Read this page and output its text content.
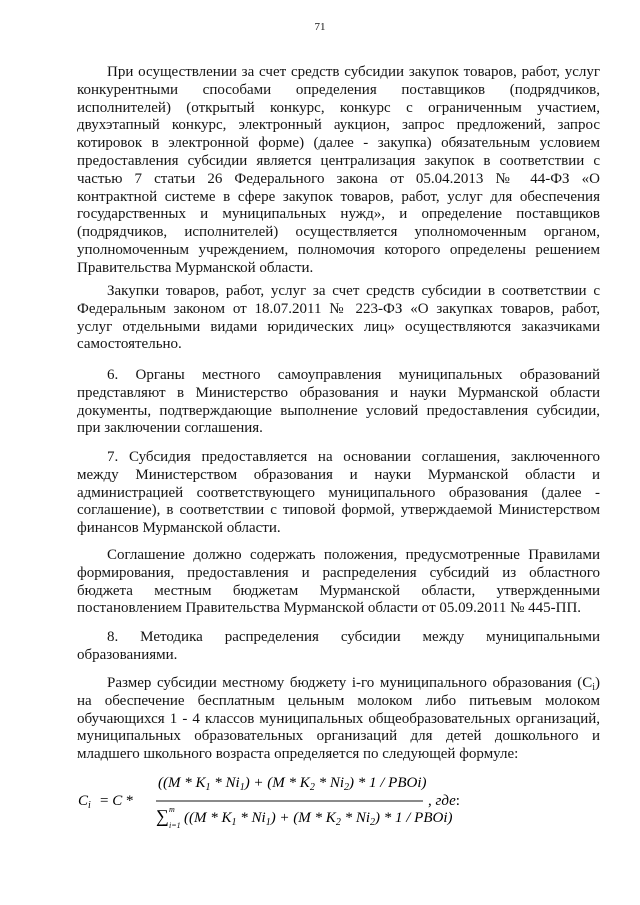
71
При осуществлении за счет средств субсидии закупок товаров, работ, услуг
конкурентными способами определения поставщиков (подрядчиков,
исполнителей) (открытый конкурс, конкурс с ограниченным участием,
двухэтапный конкурс, электронный аукцион, запрос предложений, запрос
котировок в электронной форме) (далее - закупка) обязательным условием
предоставления субсидии является централизация закупок в соответствии с
частью 7 статьи 26 Федерального закона от 05.04.2013 № 44-ФЗ «О
контрактной системе в сфере закупок товаров, работ, услуг для обеспечения
государственных и муниципальных нужд», и определение поставщиков
(подрядчиков, исполнителей) осуществляется уполномоченным органом,
уполномоченным учреждением, полномочия которого определены решением
Правительства Мурманской области.
Закупки товаров, работ, услуг за счет средств субсидии в соответствии с
Федеральным законом от 18.07.2011 № 223-ФЗ «О закупках товаров, работ,
услуг отдельными видами юридических лиц» осуществляются заказчиками
самостоятельно.
6. Органы местного самоуправления муниципальных образований
представляют в Министерство образования и науки Мурманской области
документы, подтверждающие выполнение условий предоставления субсидии,
при заключении соглашения.
7. Субсидия предоставляется на основании соглашения, заключенного
между Министерством образования и науки Мурманской области и
администрацией соответствующего муниципального образования (далее -
соглашение), в соответствии с типовой формой, утверждаемой Министерством
финансов Мурманской области.
Соглашение должно содержать положения, предусмотренные Правилами
формирования, предоставления и распределения субсидий из областного
бюджета местным бюджетам Мурманской области, утвержденными
постановлением Правительства Мурманской области от 05.09.2011 № 445-ПП.
8. Методика распределения субсидии между муниципальными
образованиями.
Размер субсидии местному бюджету i-го муниципального образования $(C_i)$
на обеспечение бесплатным цельным молоком либо питьевым молоком
обучающихся 1 - 4 классов муниципальных общеобразовательных организаций,
муниципальных образовательных организаций для детей дошкольного и
младшего школьного возраста определяется по следующей формуле:
$C_i = C$ *
($(M * K_1 * Ni_1) + (M * K_2 * Ni_2) * 1$ / PBOi)
∑ m
i=1 ($(M * K_1 * Ni_1) + (M * K_2 * Ni_2) * 1$ / PBOi)
, где:
